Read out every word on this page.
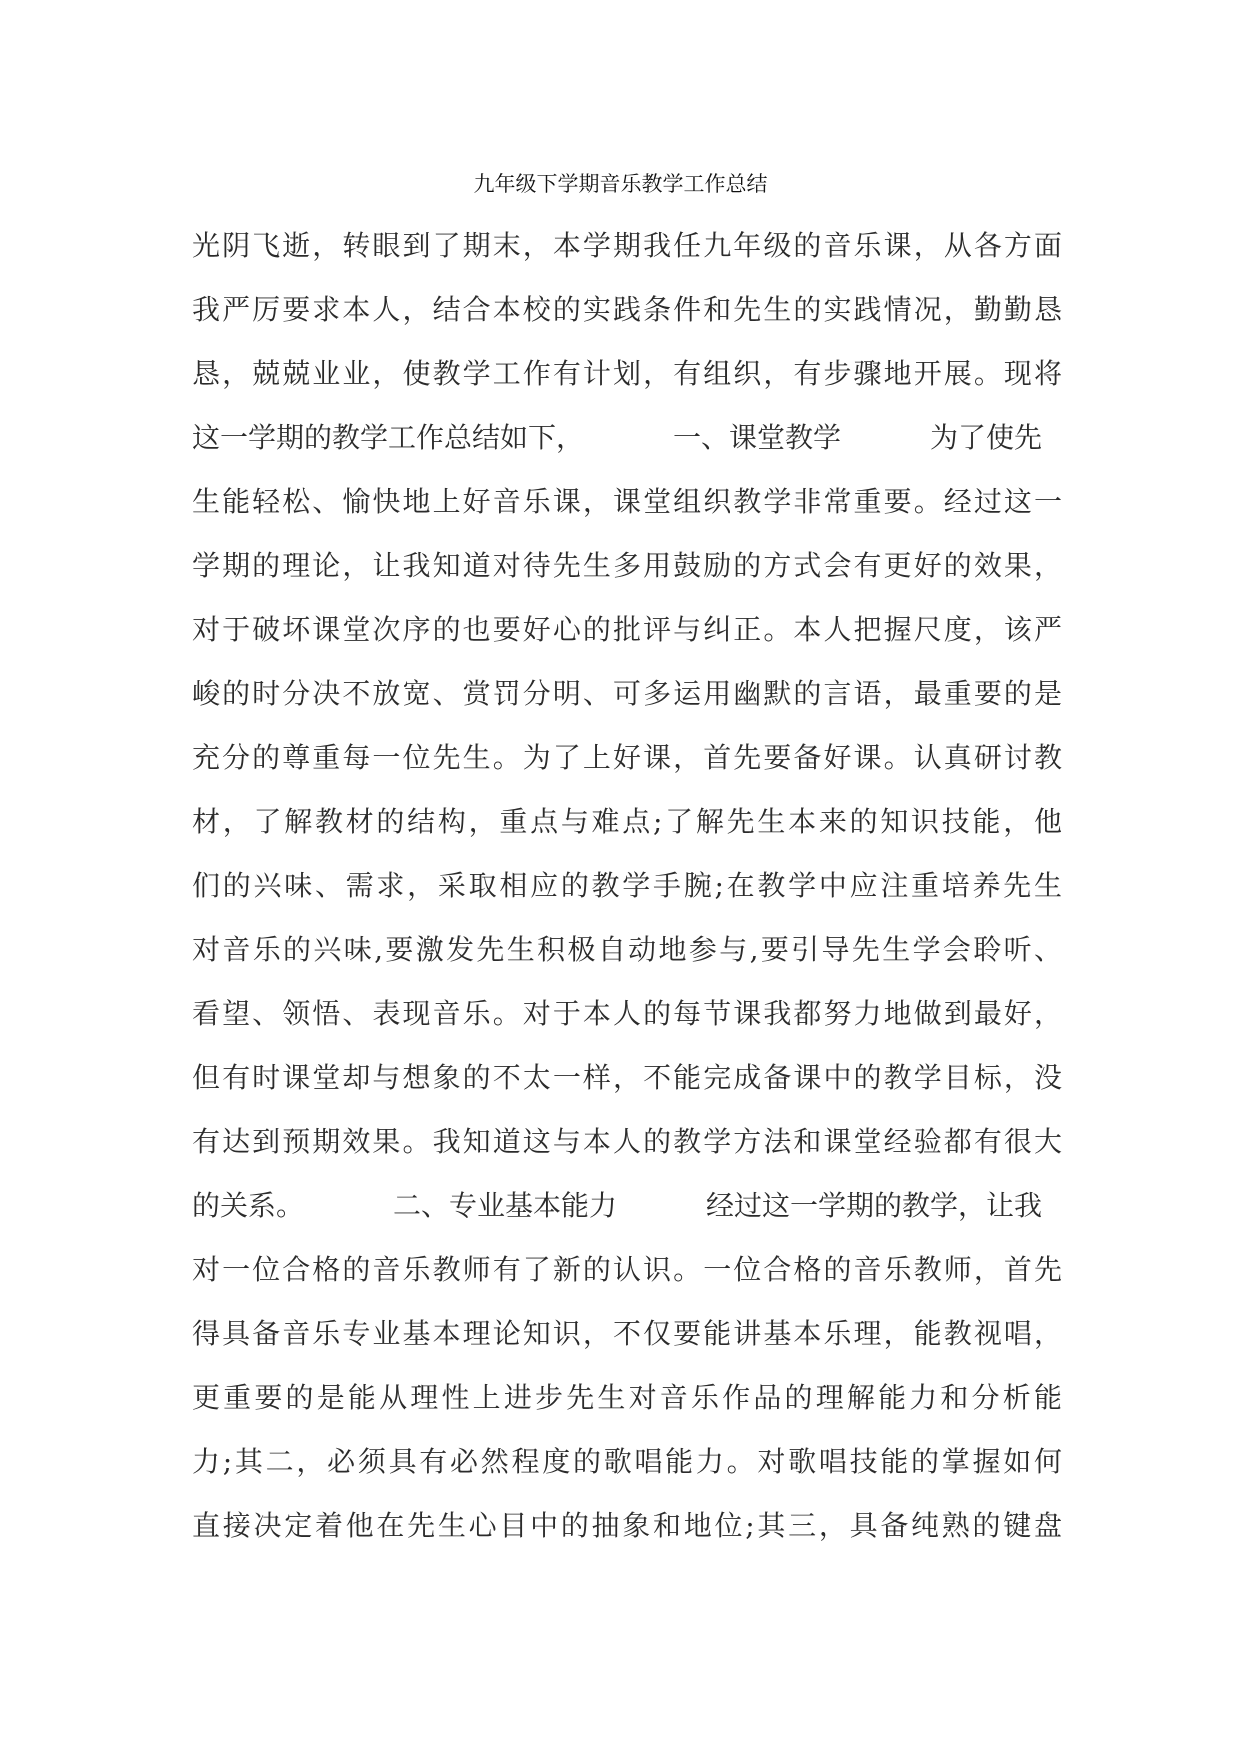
九年级下学期音乐教学工作总结
光阴飞逝，转眼到了期末，本学期我任九年级的音乐课，从各方面
我严厉要求本人，结合本校的实践条件和先生的实践情况，勤勤恳
恳，兢兢业业，使教学工作有计划，有组织，有步骤地开展。现将
这一学期的教学工作总结如下，          一、课堂教学          为了使先
生能轻松、愉快地上好音乐课，课堂组织教学非常重要。经过这一
学期的理论，让我知道对待先生多用鼓励的方式会有更好的效果，
对于破坏课堂次序的也要好心的批评与纠正。本人把握尺度，该严
峻的时分决不放宽、赏罚分明、可多运用幽默的言语，最重要的是
充分的尊重每一位先生。为了上好课，首先要备好课。认真研讨教
材，了解教材的结构，重点与难点;了解先生本来的知识技能，他
们的兴味、需求，采取相应的教学手腕;在教学中应注重培养先生
对音乐的兴味,要激发先生积极自动地参与,要引导先生学会聆听、
看望、领悟、表现音乐。对于本人的每节课我都努力地做到最好，
但有时课堂却与想象的不太一样，不能完成备课中的教学目标，没
有达到预期效果。我知道这与本人的教学方法和课堂经验都有很大
的关系。          二、专业基本能力          经过这一学期的教学，让我
对一位合格的音乐教师有了新的认识。一位合格的音乐教师，首先
得具备音乐专业基本理论知识，不仅要能讲基本乐理，能教视唱，
更重要的是能从理性上进步先生对音乐作品的理解能力和分析能
力;其二，必须具有必然程度的歌唱能力。对歌唱技能的掌握如何
直接决定着他在先生心目中的抽象和地位;其三，具备纯熟的键盘
